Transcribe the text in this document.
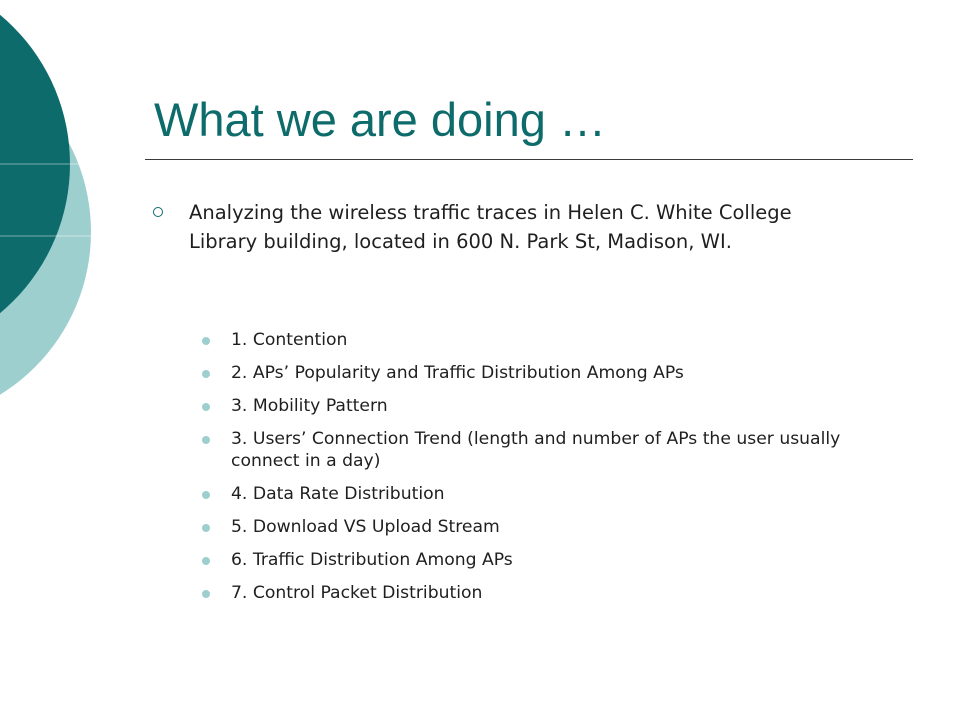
What we are doing …

Analyzing the wireless traffic traces in Helen C. White College Library building, located in 600 N. Park St, Madison, WI.

1. Contention
2. APs’ Popularity and Traffic Distribution Among APs
3. Mobility Pattern
3. Users’ Connection Trend (length and number of APs the user usually connect in a day)
4. Data Rate Distribution
5. Download VS Upload Stream
6. Traffic Distribution Among APs
7. Control Packet Distribution
